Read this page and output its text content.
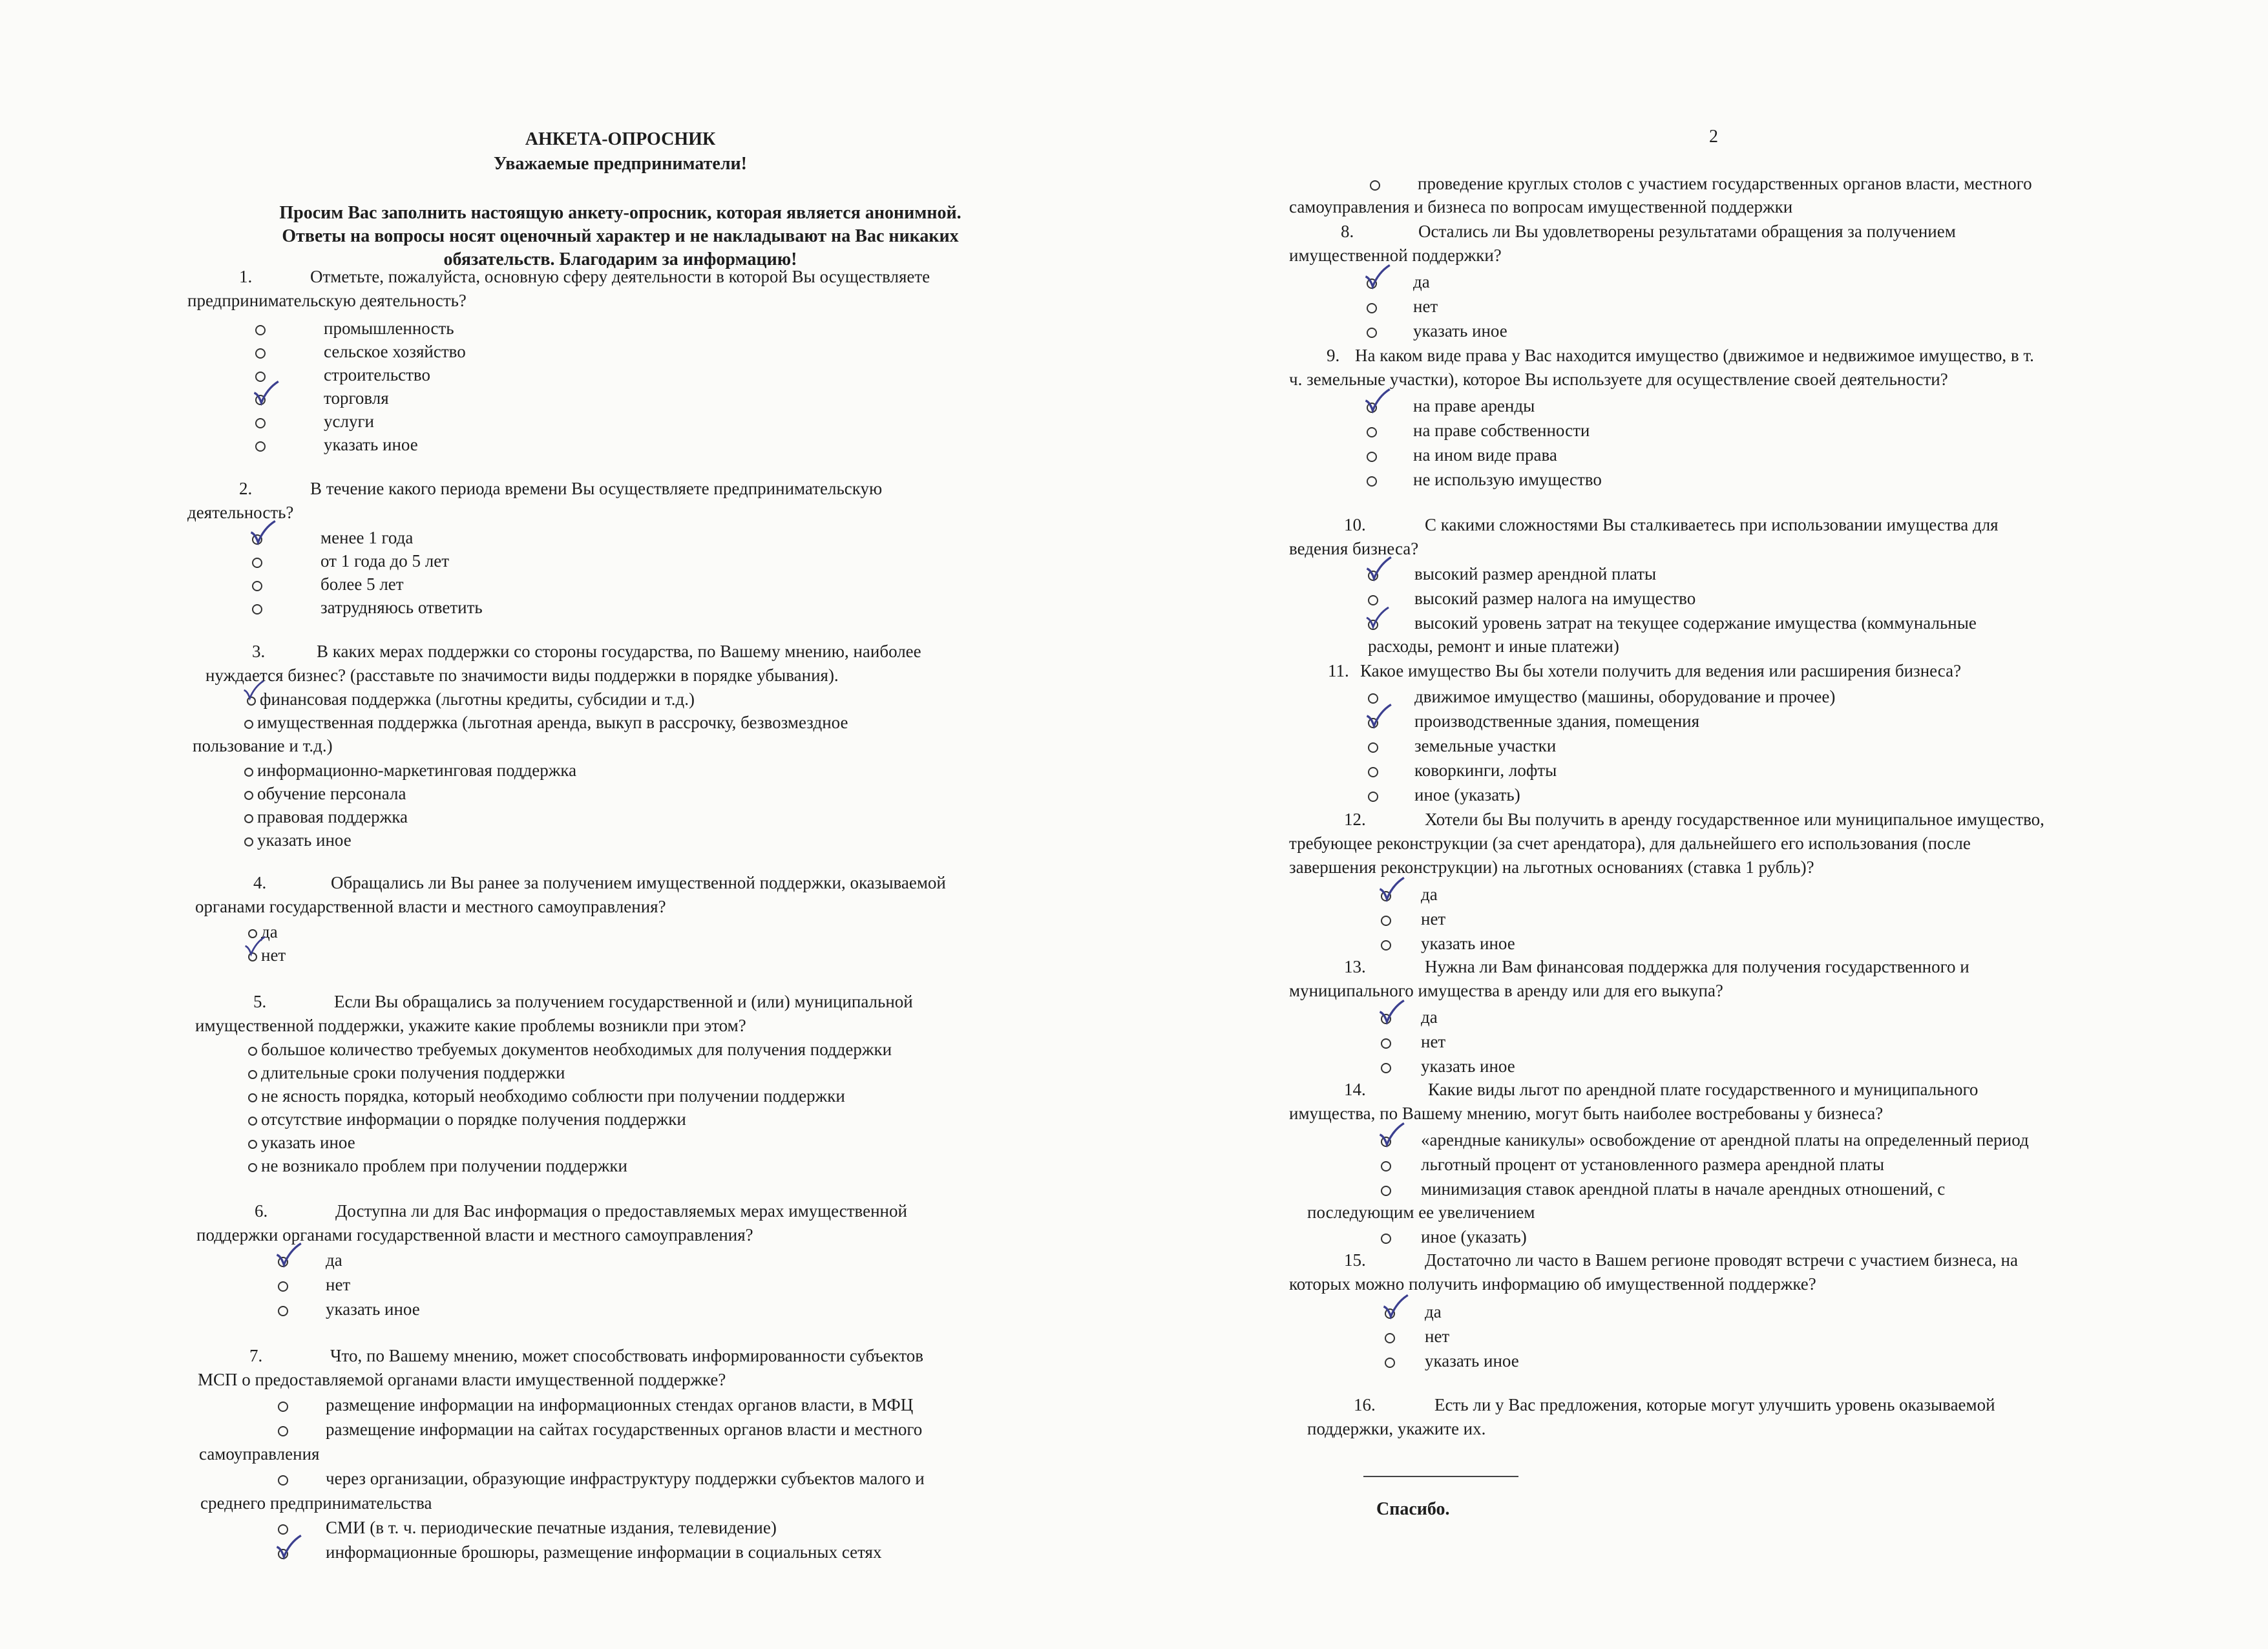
АНКЕТА-ОПРОСНИК
Уважаемые предприниматели!
Просим Вас заполнить настоящую анкету-опросник, которая является анонимной.
Ответы на вопросы носят оценочный характер и не накладывают на Вас никаких
обязательств. Благодарим за информацию!
1.	Отметьте, пожалуйста, основную сферу деятельности в которой Вы осуществляете
предпринимательскую деятельность?
промышленность
сельское хозяйство
строительство
торговля
услуги
указать иное
2.	В течение какого периода времени Вы осуществляете предпринимательскую
деятельность?
менее 1 года
от 1 года до 5 лет
более 5 лет
затрудняюсь ответить
3.	В каких мерах поддержки со стороны государства, по Вашему мнению, наиболее
нуждается бизнес? (расставьте по значимости виды поддержки в порядке убывания).
финансовая поддержка (льготны кредиты, субсидии и т.д.)
имущественная поддержка (льготная аренда, выкуп в рассрочку, безвозмездное
пользование и т.д.)
информационно-маркетинговая поддержка
обучение персонала
правовая поддержка
указать иное
4.	Обращались ли Вы ранее за получением имущественной поддержки, оказываемой
органами государственной власти и местного самоуправления?
да
нет
5.	Если Вы обращались за получением государственной и (или) муниципальной
имущественной поддержки, укажите какие проблемы возникли при этом?
большое количество требуемых документов необходимых для получения поддержки
длительные сроки получения поддержки
не ясность порядка, который необходимо соблюсти при получении поддержки
отсутствие информации о порядке получения поддержки
указать иное
не возникало проблем при получении поддержки
6.	Доступна ли для Вас информация о предоставляемых мерах имущественной
поддержки органами государственной власти и местного самоуправления?
да
нет
указать иное
7.	Что, по Вашему мнению, может способствовать информированности субъектов
МСП о предоставляемой органами власти имущественной поддержке?
размещение информации на информационных стендах органов власти, в МФЦ
размещение информации на сайтах государственных органов власти и местного
самоуправления
через организации, образующие инфраструктуру поддержки субъектов малого и
среднего предпринимательства
СМИ (в т. ч. периодические печатные издания, телевидение)
информационные брошюры, размещение информации в социальных сетях
2
проведение круглых столов с участием государственных органов власти, местного
самоуправления и бизнеса по вопросам имущественной поддержки
8.	Остались ли Вы удовлетворены результатами обращения за получением
имущественной поддержки?
да
нет
указать иное
9. На каком виде права у Вас находится имущество (движимое и недвижимое имущество, в т.
ч. земельные участки), которое Вы используете для осуществление своей деятельности?
на праве аренды
на праве собственности
на ином виде права
не использую имущество
10.	С какими сложностями Вы сталкиваетесь при использовании имущества для
ведения бизнеса?
высокий размер арендной платы
высокий размер налога на имущество
высокий уровень затрат на текущее содержание имущества (коммунальные
расходы, ремонт и иные платежи)
11. Какое имущество Вы бы хотели получить для ведения или расширения бизнеса?
движимое имущество (машины, оборудование и прочее)
производственные здания, помещения
земельные участки
коворкинги, лофты
иное (указать)
12.	Хотели бы Вы получить в аренду государственное или муниципальное имущество,
требующее реконструкции (за счет арендатора), для дальнейшего его использования (после
завершения реконструкции) на льготных основаниях (ставка 1 рубль)?
да
нет
указать иное
13.	Нужна ли Вам финансовая поддержка для получения государственного и
муниципального имущества в аренду или для его выкупа?
да
нет
указать иное
14.	Какие виды льгот по арендной плате государственного и муниципального
имущества, по Вашему мнению, могут быть наиболее востребованы у бизнеса?
«арендные каникулы» освобождение от арендной платы на определенный период
льготный процент от установленного размера арендной платы
минимизация ставок арендной платы в начале арендных отношений, с
последующим ее увеличением
иное (указать)
15.	Достаточно ли часто в Вашем регионе проводят встречи с участием бизнеса, на
которых можно получить информацию об имущественной поддержке?
да
нет
указать иное
16.	Есть ли у Вас предложения, которые могут улучшить уровень оказываемой
поддержки, укажите их.
Спасибо.
